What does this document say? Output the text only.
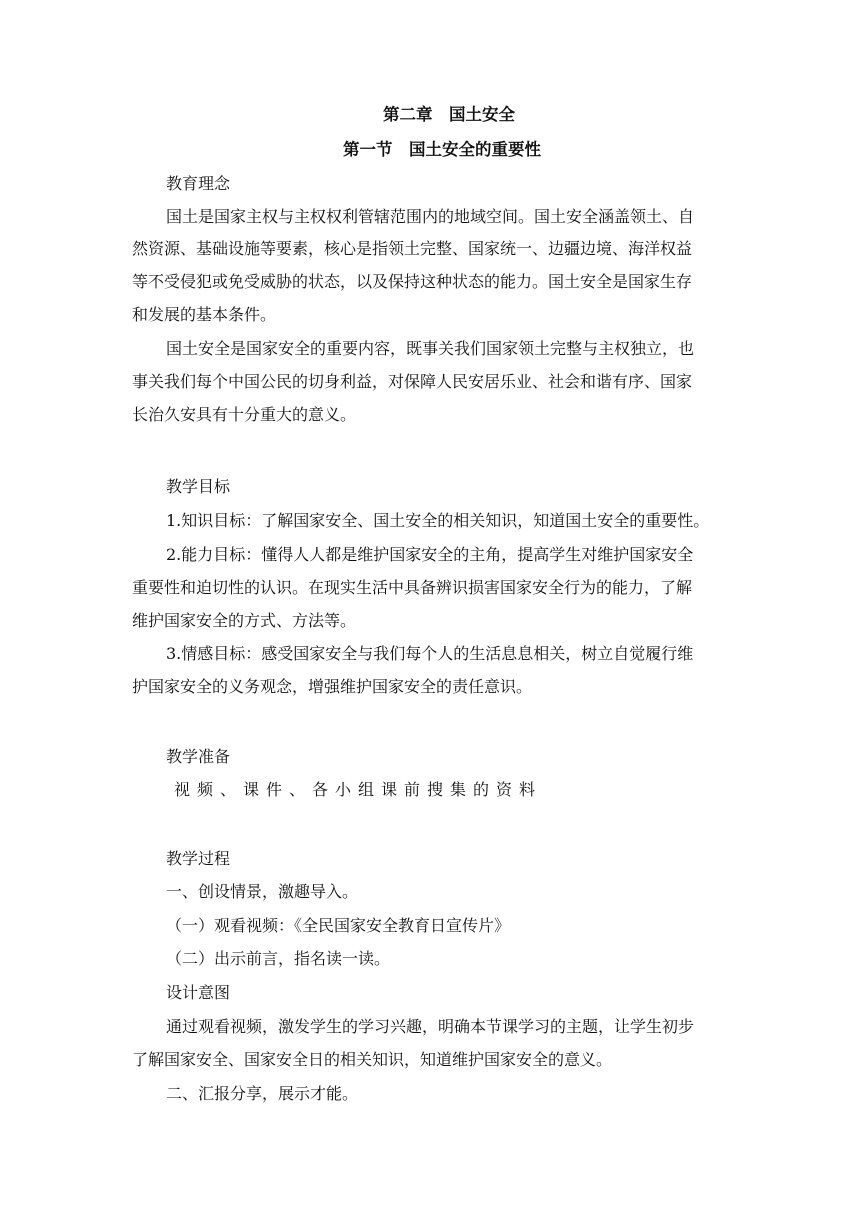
第二章　国土安全
第一节　国土安全的重要性
教育理念
国土是国家主权与主权权利管辖范围内的地域空间。国土安全涵盖领土、自
然资源、基础设施等要素，核心是指领土完整、国家统一、边疆边境、海洋权益
等不受侵犯或免受威胁的状态，以及保持这种状态的能力。国土安全是国家生存
和发展的基本条件。
国土安全是国家安全的重要内容，既事关我们国家领土完整与主权独立，也
事关我们每个中国公民的切身利益，对保障人民安居乐业、社会和谐有序、国家
长治久安具有十分重大的意义。
教学目标
1.知识目标：了解国家安全、国土安全的相关知识，知道国土安全的重要性。
2.能力目标：懂得人人都是维护国家安全的主角，提高学生对维护国家安全
重要性和迫切性的认识。在现实生活中具备辨识损害国家安全行为的能力，了解
维护国家安全的方式、方法等。
3.情感目标：感受国家安全与我们每个人的生活息息相关，树立自觉履行维
护国家安全的义务观念，增强维护国家安全的责任意识。
教学准备
视频、课件、各小组课前搜集的资料
教学过程
一、创设情景，激趣导入。
（一）观看视频：《全民国家安全教育日宣传片》
（二）出示前言，指名读一读。
设计意图
通过观看视频，激发学生的学习兴趣，明确本节课学习的主题，让学生初步
了解国家安全、国家安全日的相关知识，知道维护国家安全的意义。
二、汇报分享，展示才能。
